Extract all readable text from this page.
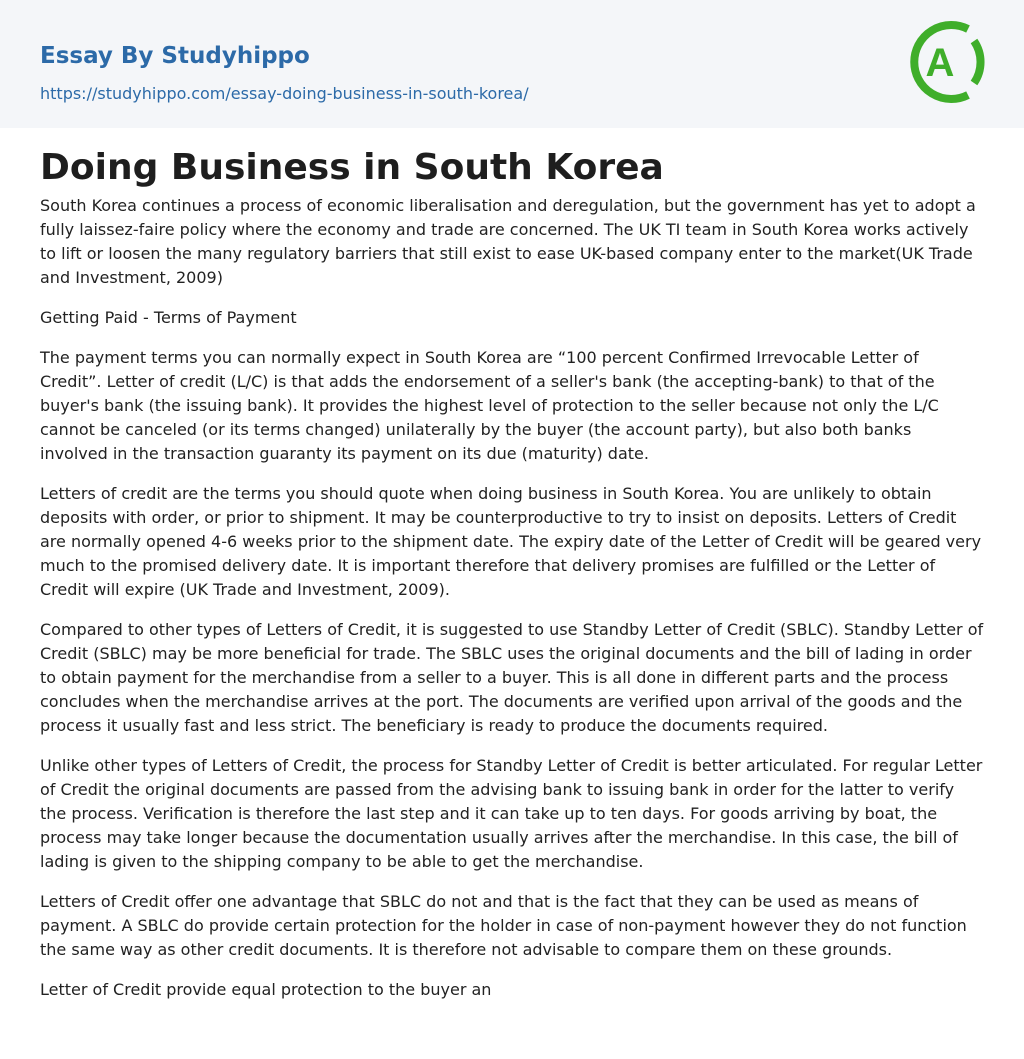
Essay By Studyhippo
https://studyhippo.com/essay-doing-business-in-south-korea/
A
Doing Business in South Korea

South Korea continues a process of economic liberalisation and deregulation, but the government has yet to adopt a fully laissez-faire policy where the economy and trade are concerned. The UK TI team in South Korea works actively to lift or loosen the many regulatory barriers that still exist to ease UK-based company enter to the market(UK Trade and Investment, 2009)

Getting Paid - Terms of Payment

The payment terms you can normally expect in South Korea are “100 percent Confirmed Irrevocable Letter of Credit”. Letter of credit (L/C) is that adds the endorsement of a seller's bank (the accepting-bank) to that of the buyer's bank (the issuing bank). It provides the highest level of protection to the seller because not only the L/C cannot be canceled (or its terms changed) unilaterally by the buyer (the account party), but also both banks involved in the transaction guaranty its payment on its due (maturity) date.

Letters of credit are the terms you should quote when doing business in South Korea. You are unlikely to obtain deposits with order, or prior to shipment. It may be counterproductive to try to insist on deposits. Letters of Credit are normally opened 4-6 weeks prior to the shipment date. The expiry date of the Letter of Credit will be geared very much to the promised delivery date. It is important therefore that delivery promises are fulfilled or the Letter of Credit will expire (UK Trade and Investment, 2009).

Compared to other types of Letters of Credit, it is suggested to use Standby Letter of Credit (SBLC). Standby Letter of Credit (SBLC) may be more beneficial for trade. The SBLC uses the original documents and the bill of lading in order to obtain payment for the merchandise from a seller to a buyer. This is all done in different parts and the process concludes when the merchandise arrives at the port. The documents are verified upon arrival of the goods and the process it usually fast and less strict. The beneficiary is ready to produce the documents required.

Unlike other types of Letters of Credit, the process for Standby Letter of Credit is better articulated. For regular Letter of Credit the original documents are passed from the advising bank to issuing bank in order for the latter to verify the process. Verification is therefore the last step and it can take up to ten days. For goods arriving by boat, the process may take longer because the documentation usually arrives after the merchandise. In this case, the bill of lading is given to the shipping company to be able to get the merchandise.

Letters of Credit offer one advantage that SBLC do not and that is the fact that they can be used as means of payment. A SBLC do provide certain protection for the holder in case of non-payment however they do not function the same way as other credit documents. It is therefore not advisable to compare them on these grounds.

Letter of Credit provide equal protection to the buyer an
